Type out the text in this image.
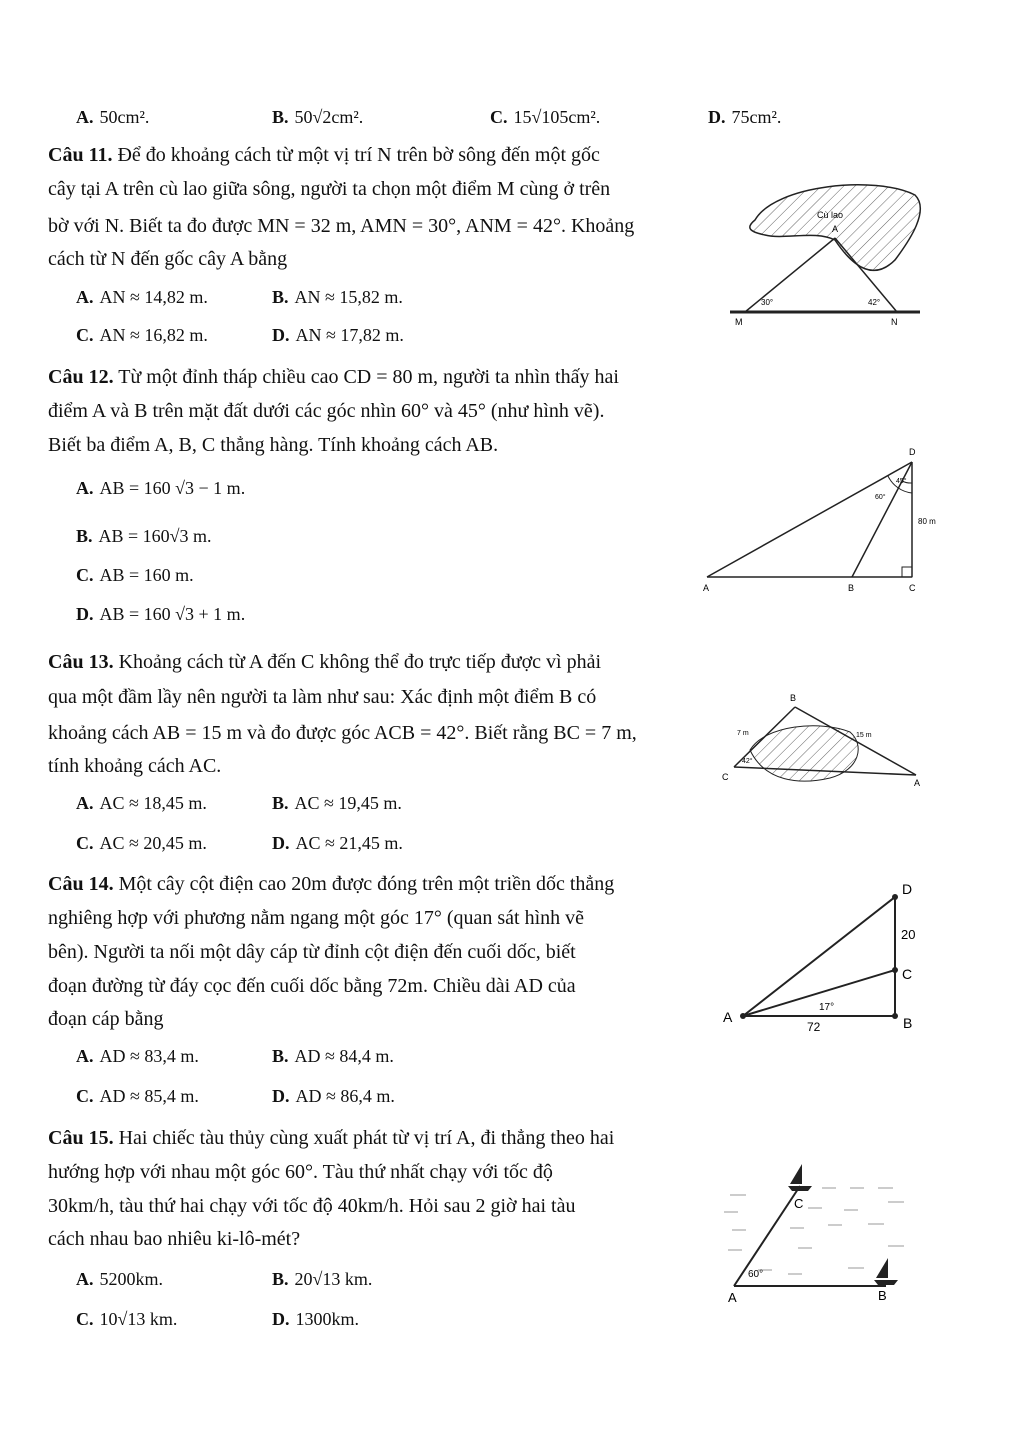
A. 50cm².	B. 50√2cm².	C. 15√105cm².	D. 75cm².
Câu 11. Để đo khoảng cách từ một vị trí N trên bờ sông đến một gốc
cây tại A trên cù lao giữa sông, người ta chọn một điểm M cùng ở trên
bờ với N. Biết ta đo được MN = 32 m, AMN = 30°, ANM = 42°. Khoảng
cách từ N đến gốc cây A bằng
A. AN ≈ 14,82 m.	B. AN ≈ 15,82 m.
C. AN ≈ 16,82 m.	D. AN ≈ 17,82 m.
Cù lao
A
30°	42°
M	N
Câu 12. Từ một đỉnh tháp chiều cao CD = 80 m, người ta nhìn thấy hai
điểm A và B trên mặt đất dưới các góc nhìn 60° và 45° (như hình vẽ).
Biết ba điểm A, B, C thẳng hàng. Tính khoảng cách AB.
A. AB = 160 √3 − 1 m.
B. AB = 160√3 m.
C. AB = 160 m.
D. AB = 160 √3 + 1 m.
D
45°
60°
80 m
A	B	C
Câu 13. Khoảng cách từ A đến C không thể đo trực tiếp được vì phải
qua một đầm lầy nên người ta làm như sau: Xác định một điểm B có
khoảng cách AB = 15 m và đo được góc ACB = 42°. Biết rằng BC = 7 m,
tính khoảng cách AC.
A. AC ≈ 18,45 m.	B. AC ≈ 19,45 m.
C. AC ≈ 20,45 m.	D. AC ≈ 21,45 m.
B
7 m	15 m
42°
C
A
Câu 14. Một cây cột điện cao 20m được đóng trên một triền dốc thẳng
nghiêng hợp với phương nằm ngang một góc 17° (quan sát hình vẽ
bên). Người ta nối một dây cáp từ đỉnh cột điện đến cuối dốc, biết
đoạn đường từ đáy cọc đến cuối dốc bằng 72m. Chiều dài AD của
đoạn cáp bằng
A. AD ≈ 83,4 m.	B. AD ≈ 84,4 m.
C. AD ≈ 85,4 m.	D. AD ≈ 86,4 m.
D
20
C
A
17°
72	B
Câu 15. Hai chiếc tàu thủy cùng xuất phát từ vị trí A, đi thẳng theo hai
hướng hợp với nhau một góc 60°. Tàu thứ nhất chạy với tốc độ
30km/h, tàu thứ hai chạy với tốc độ 40km/h. Hỏi sau 2 giờ hai tàu
cách nhau bao nhiêu ki-lô-mét?
A. 5200km.	B. 20√13 km.
C. 10√13 km.	D. 1300km.
C
60°
A	B
